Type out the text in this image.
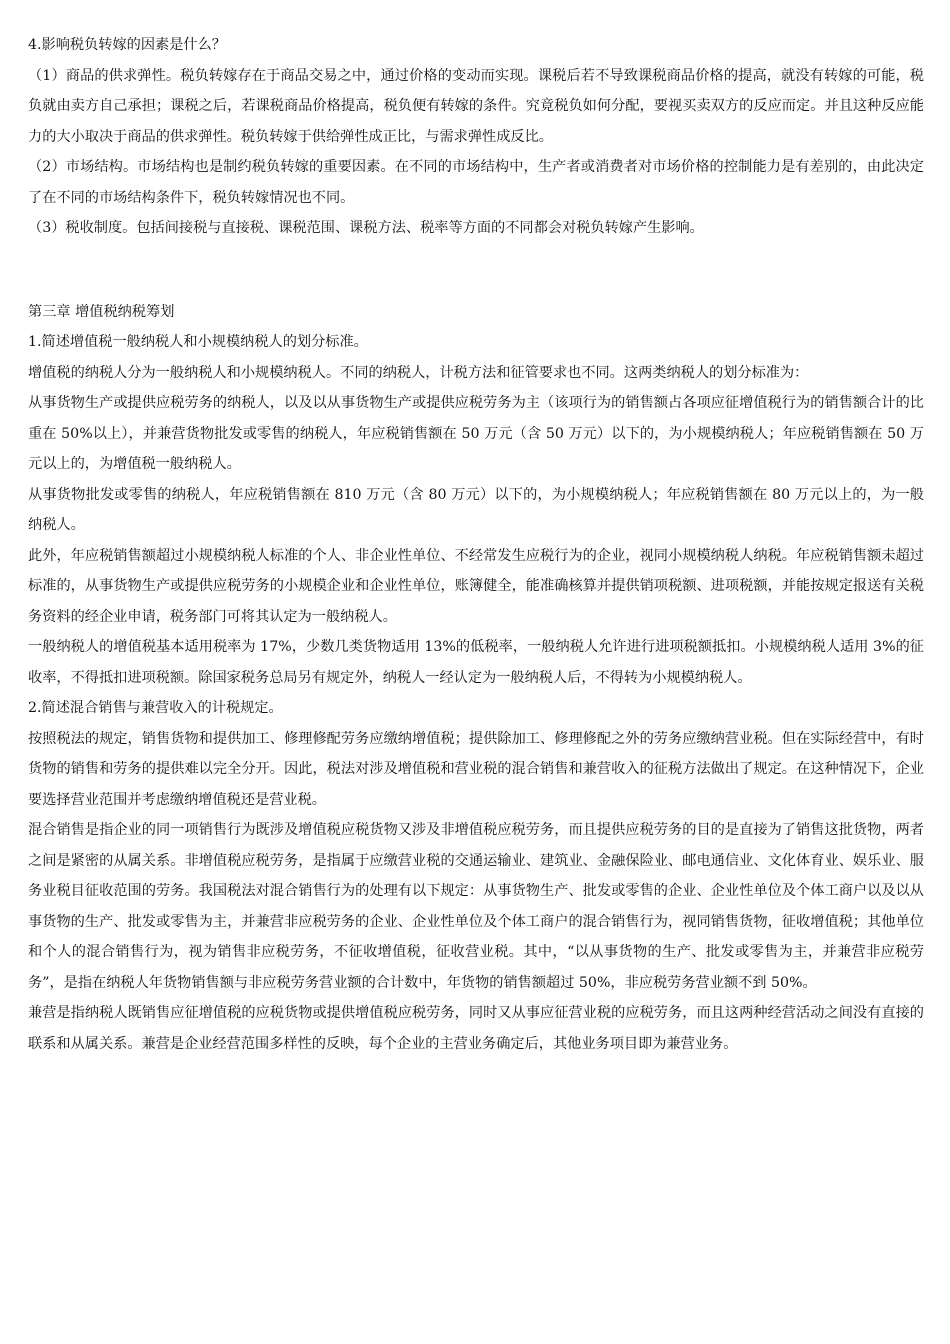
4.影响税负转嫁的因素是什么？

（1）商品的供求弹性。税负转嫁存在于商品交易之中，通过价格的变动而实现。课税后若不导致课税商品价格的提高，就没有转嫁的可能，税负就由卖方自己承担；课税之后，若课税商品价格提高，税负便有转嫁的条件。究竟税负如何分配，要视买卖双方的反应而定。并且这种反应能力的大小取决于商品的供求弹性。税负转嫁于供给弹性成正比，与需求弹性成反比。

（2）市场结构。市场结构也是制约税负转嫁的重要因素。在不同的市场结构中，生产者或消费者对市场价格的控制能力是有差别的，由此决定了在不同的市场结构条件下，税负转嫁情况也不同。

（3）税收制度。包括间接税与直接税、课税范围、课税方法、税率等方面的不同都会对税负转嫁产生影响。

第三章 增值税纳税筹划

1.简述增值税一般纳税人和小规模纳税人的划分标准。

增值税的纳税人分为一般纳税人和小规模纳税人。不同的纳税人，计税方法和征管要求也不同。这两类纳税人的划分标准为：

从事货物生产或提供应税劳务的纳税人，以及以从事货物生产或提供应税劳务为主（该项行为的销售额占各项应征增值税行为的销售额合计的比重在 50%以上），并兼营货物批发或零售的纳税人，年应税销售额在 50 万元（含 50 万元）以下的，为小规模纳税人；年应税销售额在 50 万元以上的，为增值税一般纳税人。

从事货物批发或零售的纳税人，年应税销售额在 810 万元（含 80 万元）以下的，为小规模纳税人；年应税销售额在 80 万元以上的，为一般纳税人。

此外，年应税销售额超过小规模纳税人标准的个人、非企业性单位、不经常发生应税行为的企业，视同小规模纳税人纳税。年应税销售额未超过标准的，从事货物生产或提供应税劳务的小规模企业和企业性单位，账簿健全，能准确核算并提供销项税额、进项税额，并能按规定报送有关税务资料的经企业申请，税务部门可将其认定为一般纳税人。

一般纳税人的增值税基本适用税率为 17%，少数几类货物适用 13%的低税率，一般纳税人允许进行进项税额抵扣。小规模纳税人适用 3%的征收率，不得抵扣进项税额。除国家税务总局另有规定外，纳税人一经认定为一般纳税人后，不得转为小规模纳税人。

2.简述混合销售与兼营收入的计税规定。

按照税法的规定，销售货物和提供加工、修理修配劳务应缴纳增值税；提供除加工、修理修配之外的劳务应缴纳营业税。但在实际经营中，有时货物的销售和劳务的提供难以完全分开。因此，税法对涉及增值税和营业税的混合销售和兼营收入的征税方法做出了规定。在这种情况下，企业要选择营业范围并考虑缴纳增值税还是营业税。

混合销售是指企业的同一项销售行为既涉及增值税应税货物又涉及非增值税应税劳务，而且提供应税劳务的目的是直接为了销售这批货物，两者之间是紧密的从属关系。非增值税应税劳务，是指属于应缴营业税的交通运输业、建筑业、金融保险业、邮电通信业、文化体育业、娱乐业、服务业税目征收范围的劳务。我国税法对混合销售行为的处理有以下规定：从事货物生产、批发或零售的企业、企业性单位及个体工商户以及以从事货物的生产、批发或零售为主，并兼营非应税劳务的企业、企业性单位及个体工商户的混合销售行为，视同销售货物，征收增值税；其他单位和个人的混合销售行为，视为销售非应税劳务，不征收增值税，征收营业税。其中，“以从事货物的生产、批发或零售为主，并兼营非应税劳务”，是指在纳税人年货物销售额与非应税劳务营业额的合计数中，年货物的销售额超过 50%，非应税劳务营业额不到 50%。

兼营是指纳税人既销售应征增值税的应税货物或提供增值税应税劳务，同时又从事应征营业税的应税劳务，而且这两种经营活动之间没有直接的联系和从属关系。兼营是企业经营范围多样性的反映，每个企业的主营业务确定后，其他业务项目即为兼营业务。
